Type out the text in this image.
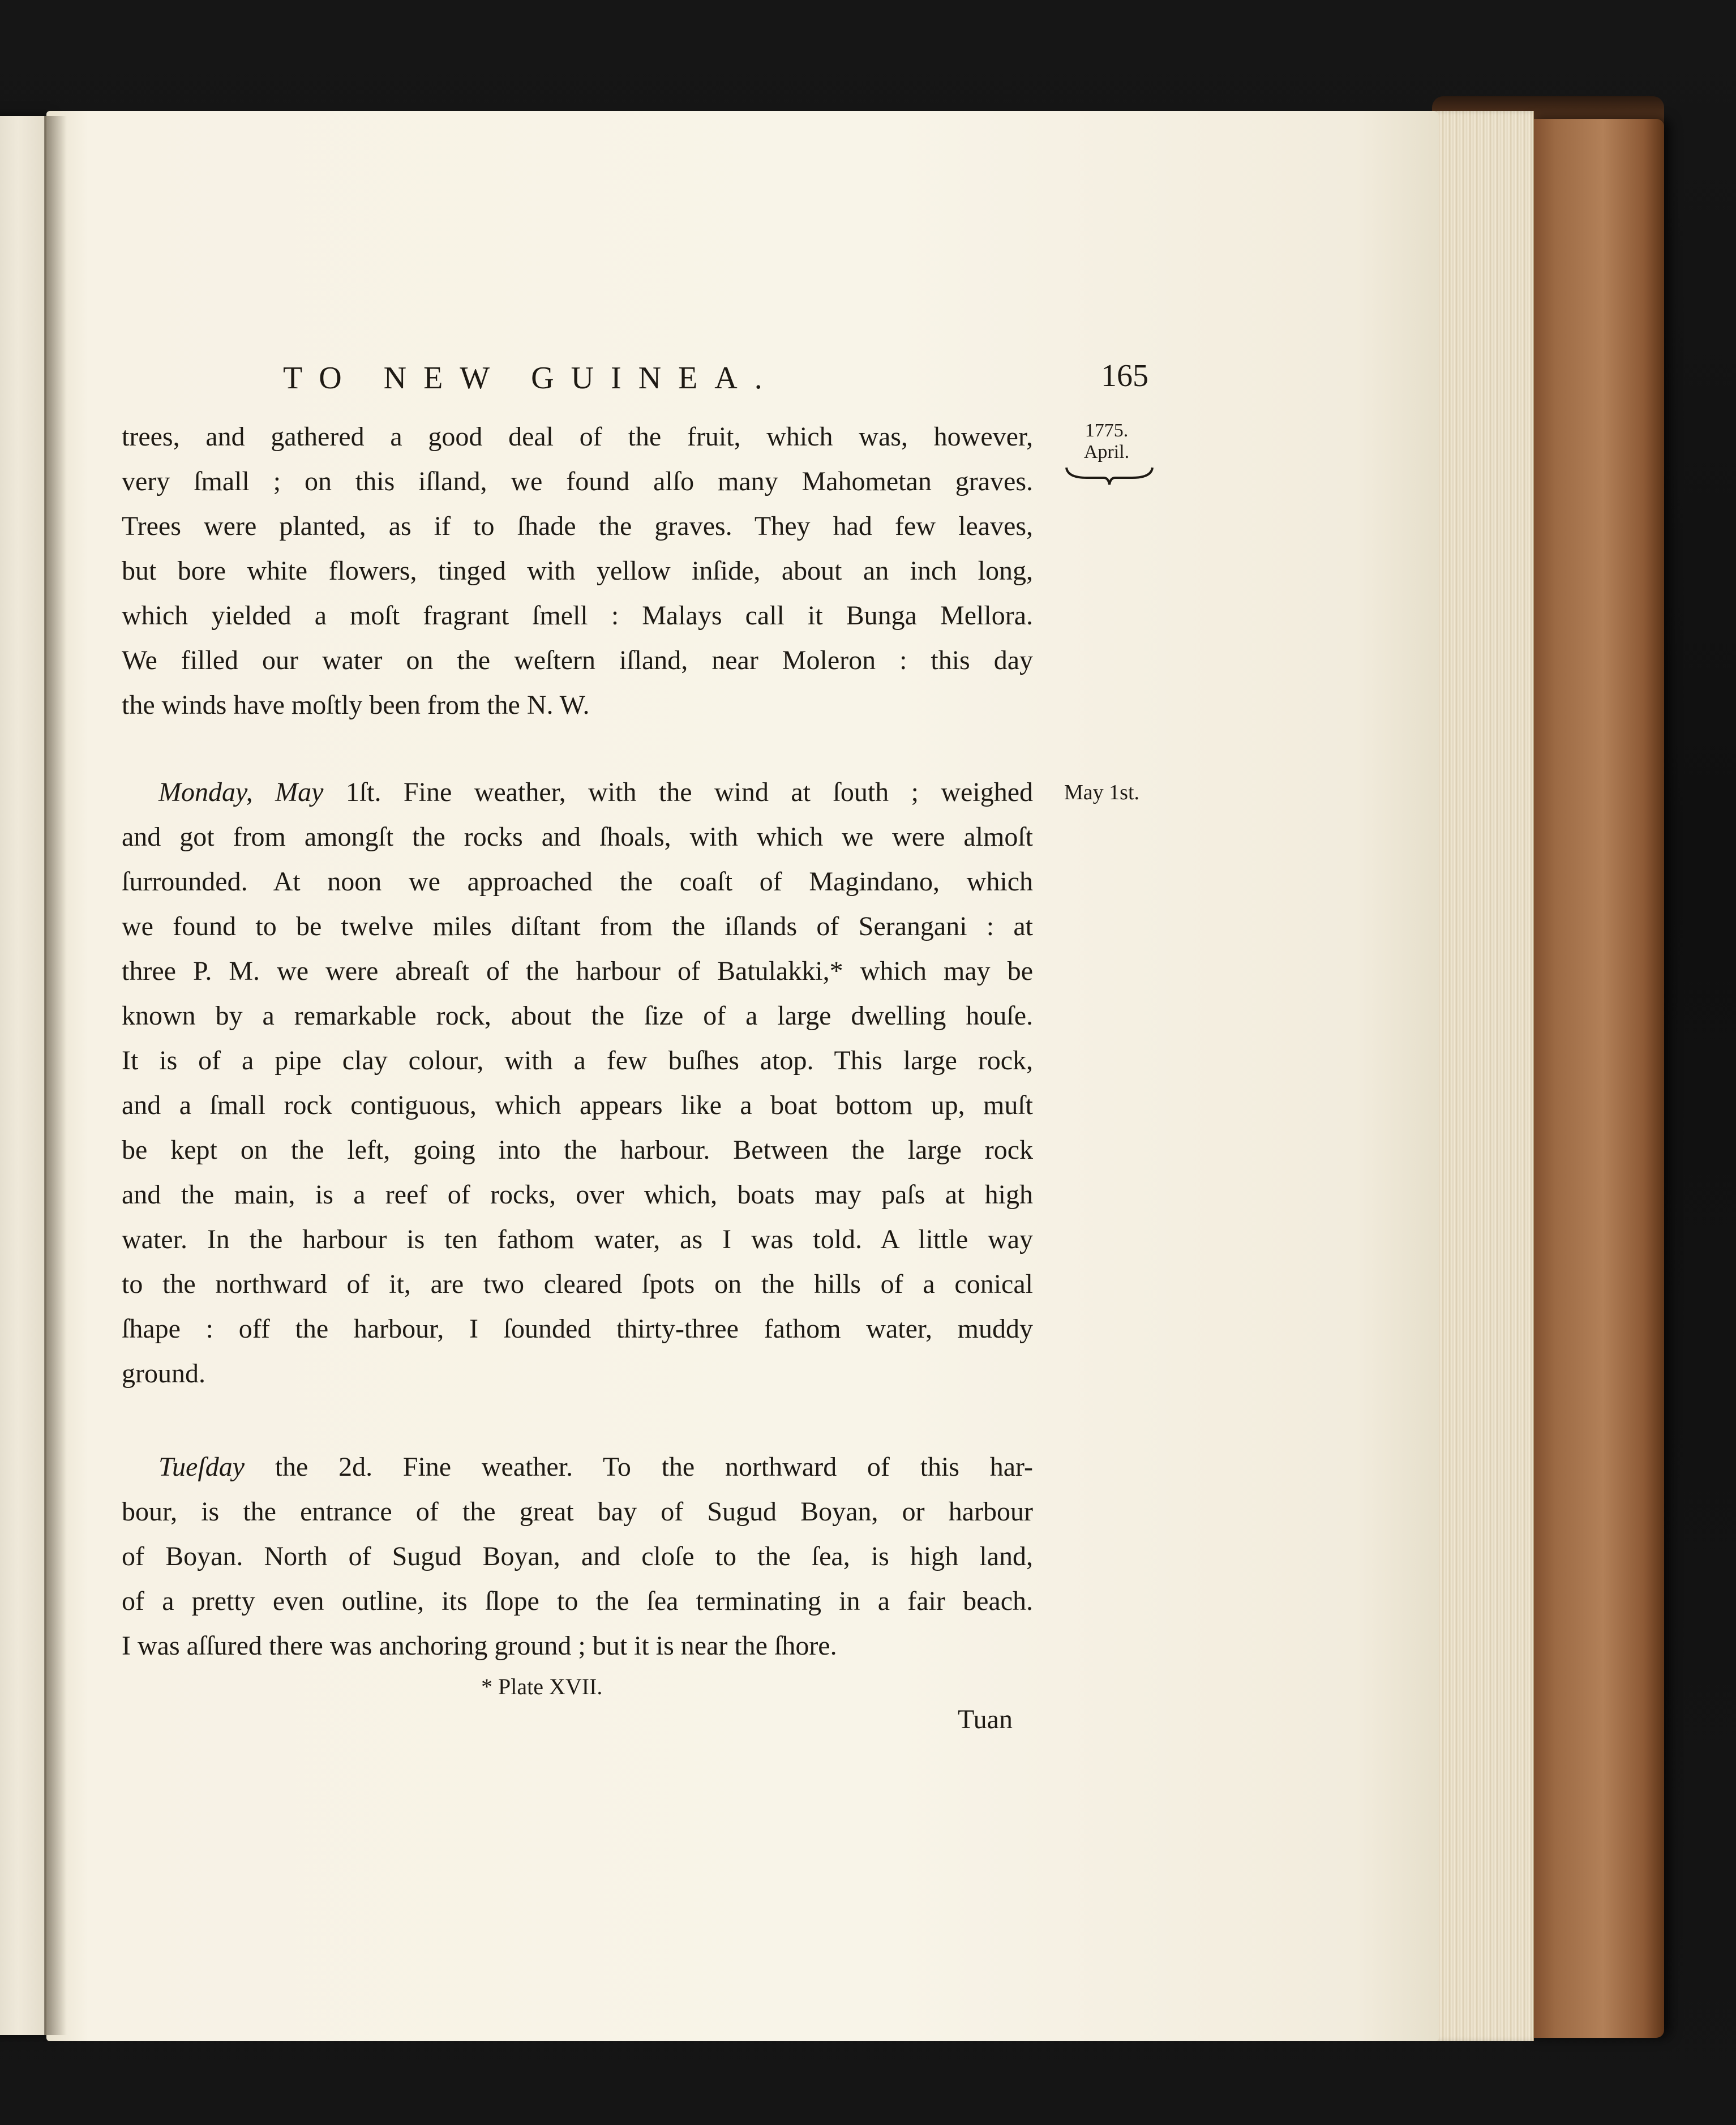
TO NEW GUINEA.	165
1775.
April.
May 1st.
trees, and gathered a good deal of the fruit, which was, however,
very ſmall ; on this iſland, we found alſo many Mahometan graves.
Trees were planted, as if to ſhade the graves. They had few leaves,
but bore white flowers, tinged with yellow inſide, about an inch long,
which yielded a moſt fragrant ſmell : Malays call it Bunga Mellora.
We filled our water on the weſtern iſland, near Moleron : this day
the winds have moſtly been from the N. W.
Monday, May 1ſt. Fine weather, with the wind at ſouth ; weighed
and got from amongſt the rocks and ſhoals, with which we were almoſt
ſurrounded. At noon we approached the coaſt of Magindano, which
we found to be twelve miles diſtant from the iſlands of Serangani : at
three P. M. we were abreaſt of the harbour of Batulakki,* which may be
known by a remarkable rock, about the ſize of a large dwelling houſe.
It is of a pipe clay colour, with a few buſhes atop. This large rock,
and a ſmall rock contiguous, which appears like a boat bottom up, muſt
be kept on the left, going into the harbour. Between the large rock
and the main, is a reef of rocks, over which, boats may paſs at high
water. In the harbour is ten fathom water, as I was told. A little way
to the northward of it, are two cleared ſpots on the hills of a conical
ſhape : off the harbour, I ſounded thirty-three fathom water, muddy
ground.
Tueſday the 2d. Fine weather. To the northward of this har-
bour, is the entrance of the great bay of Sugud Boyan, or harbour
of Boyan. North of Sugud Boyan, and cloſe to the ſea, is high land,
of a pretty even outline, its ſlope to the ſea terminating in a fair beach.
I was aſſured there was anchoring ground ; but it is near the ſhore.
* Plate XVII.
Tuan
